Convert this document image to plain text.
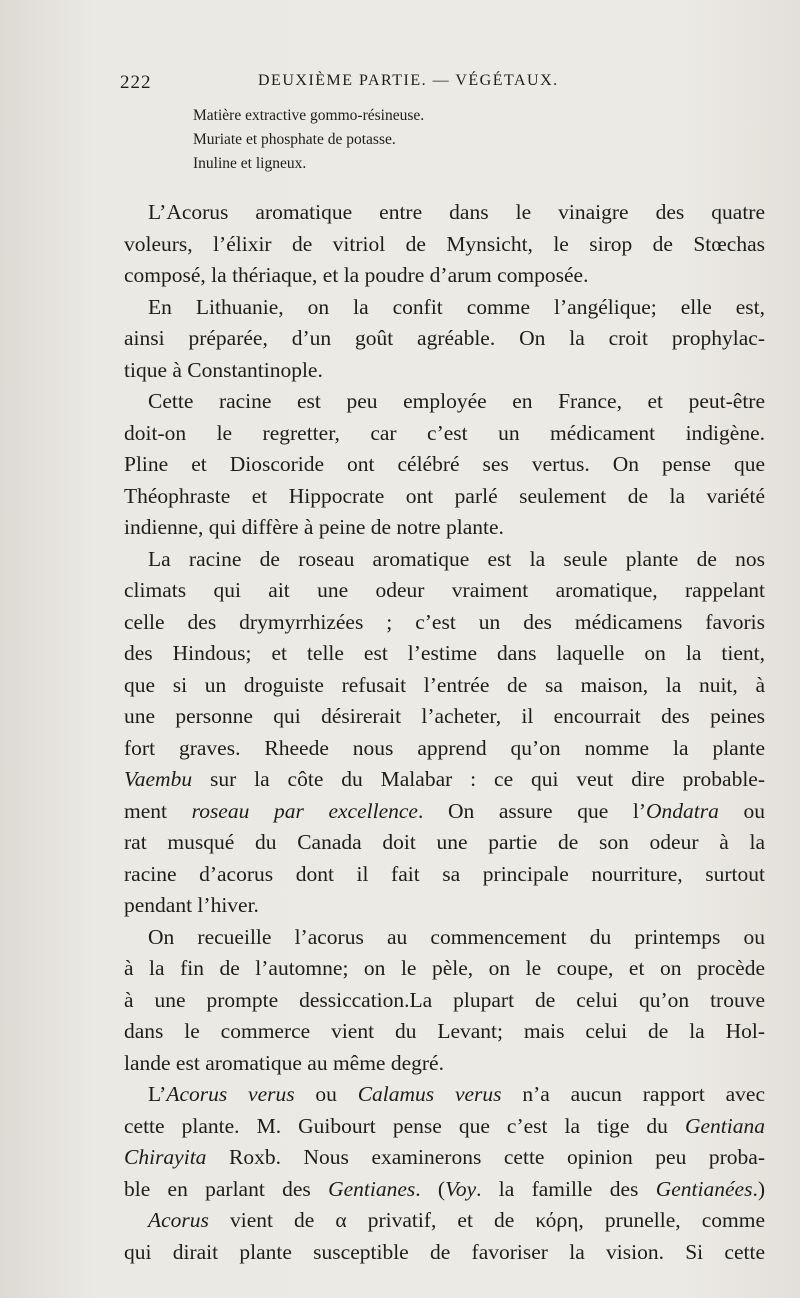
222	DEUXIÈME PARTIE. — VÉGÉTAUX.
Matière extractive gommo-résineuse.
Muriate et phosphate de potasse.
Inuline et ligneux.
L’Acorus aromatique entre dans le vinaigre des quatre
voleurs, l’élixir de vitriol de Mynsicht, le sirop de Stœchas
composé, la thériaque, et la poudre d’arum composée.
En Lithuanie, on la confit comme l’angélique; elle est,
ainsi préparée, d’un goût agréable. On la croit prophylac-
tique à Constantinople.
Cette racine est peu employée en France, et peut-être
doit-on le regretter, car c’est un médicament indigène.
Pline et Dioscoride ont célébré ses vertus. On pense que
Théophraste et Hippocrate ont parlé seulement de la variété
indienne, qui diffère à peine de notre plante.
La racine de roseau aromatique est la seule plante de nos
climats qui ait une odeur vraiment aromatique, rappelant
celle des drymyrrhizées ; c’est un des médicamens favoris
des Hindous; et telle est l’estime dans laquelle on la tient,
que si un droguiste refusait l’entrée de sa maison, la nuit, à
une personne qui désirerait l’acheter, il encourrait des peines
fort graves. Rheede nous apprend qu’on nomme la plante
Vaembu sur la côte du Malabar : ce qui veut dire probable-
ment roseau par excellence. On assure que l’Ondatra ou
rat musqué du Canada doit une partie de son odeur à la
racine d’acorus dont il fait sa principale nourriture, surtout
pendant l’hiver.
On recueille l’acorus au commencement du printemps ou
à la fin de l’automne; on le pèle, on le coupe, et on procède
à une prompte dessiccation.La plupart de celui qu’on trouve
dans le commerce vient du Levant; mais celui de la Hol-
lande est aromatique au même degré.
L’Acorus verus ou Calamus verus n’a aucun rapport avec
cette plante. M. Guibourt pense que c’est la tige du Gentiana
Chirayita Roxb. Nous examinerons cette opinion peu proba-
ble en parlant des Gentianes. (Voy. la famille des Gentianées.)
Acorus vient de α privatif, et de κόρη, prunelle, comme
qui dirait plante susceptible de favoriser la vision. Si cette
